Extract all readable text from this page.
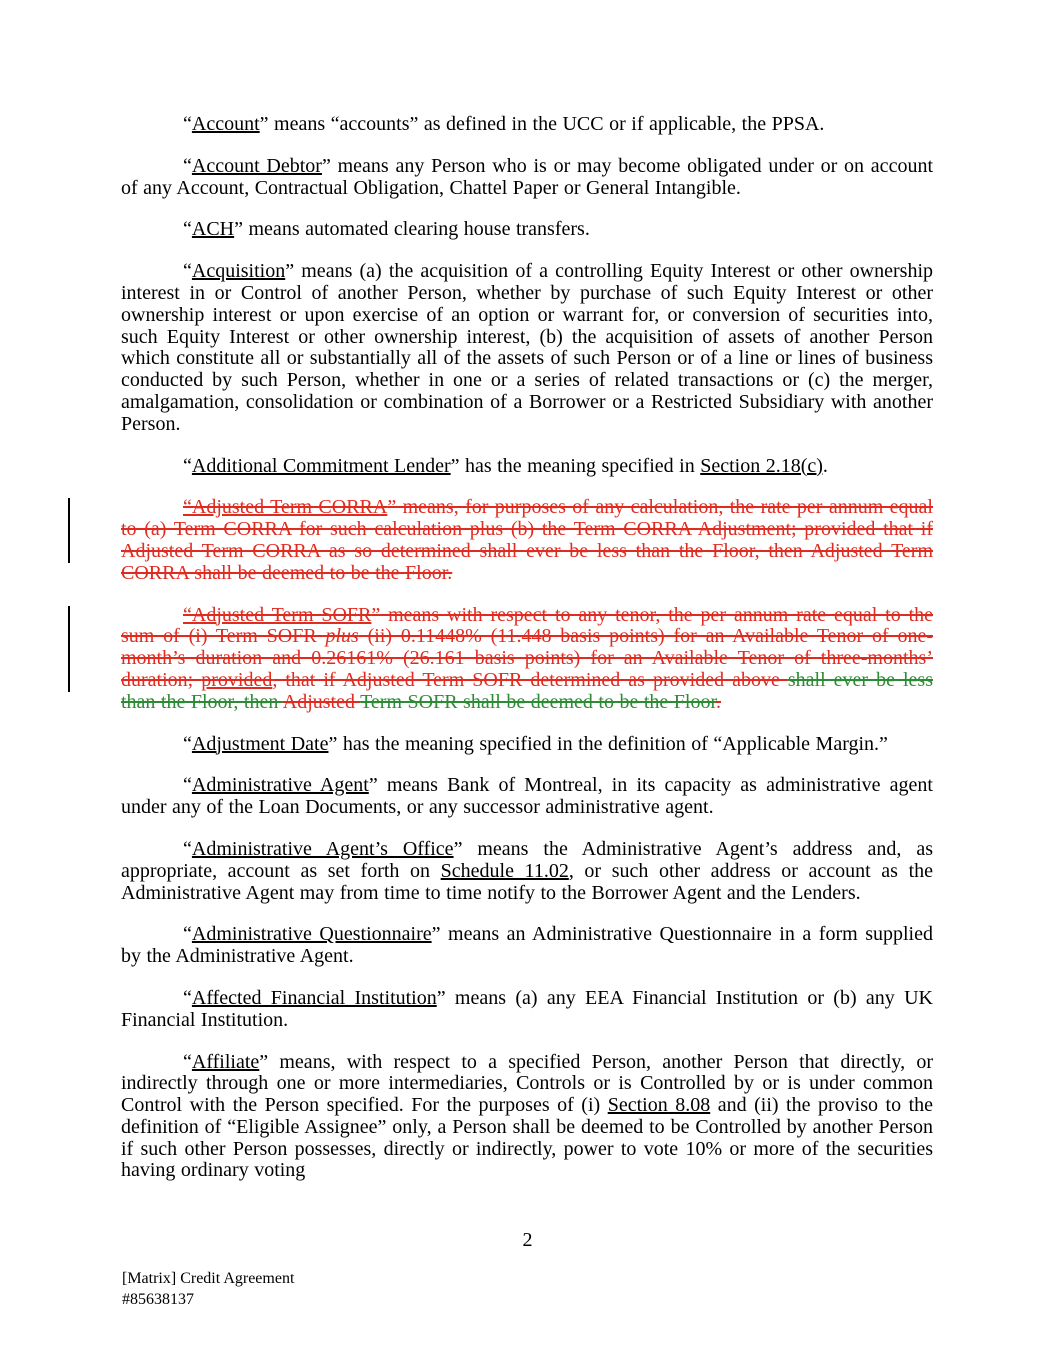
“Account” means “accounts” as defined in the UCC or if applicable, the PPSA.

“Account Debtor” means any Person who is or may become obligated under or on account of any Account, Contractual Obligation, Chattel Paper or General Intangible.

“ACH” means automated clearing house transfers.

“Acquisition” means (a) the acquisition of a controlling Equity Interest or other ownership interest in or Control of another Person, whether by purchase of such Equity Interest or other ownership interest or upon exercise of an option or warrant for, or conversion of securities into, such Equity Interest or other ownership interest, (b) the acquisition of assets of another Person which constitute all or substantially all of the assets of such Person or of a line or lines of business conducted by such Person, whether in one or a series of related transactions or (c) the merger, amalgamation, consolidation or combination of a Borrower or a Restricted Subsidiary with another Person.

“Additional Commitment Lender” has the meaning specified in Section 2.18(c).

“Adjusted Term CORRA” means, for purposes of any calculation, the rate per annum equal to (a) Term CORRA for such calculation plus (b) the Term CORRA Adjustment; provided that if Adjusted Term CORRA as so determined shall ever be less than the Floor, then Adjusted Term CORRA shall be deemed to be the Floor.

“Adjusted Term SOFR” means with respect to any tenor, the per annum rate equal to the sum of (i) Term SOFR plus (ii) 0.11448% (11.448 basis points) for an Available Tenor of one-month’s duration and 0.26161% (26.161 basis points) for an Available Tenor of three-months’ duration; provided, that if Adjusted Term SOFR determined as provided above shall ever be less than the Floor, then Adjusted Term SOFR shall be deemed to be the Floor.

“Adjustment Date” has the meaning specified in the definition of “Applicable Margin.”

“Administrative Agent” means Bank of Montreal, in its capacity as administrative agent under any of the Loan Documents, or any successor administrative agent.

“Administrative Agent’s Office” means the Administrative Agent’s address and, as appropriate, account as set forth on Schedule 11.02, or such other address or account as the Administrative Agent may from time to time notify to the Borrower Agent and the Lenders.

“Administrative Questionnaire” means an Administrative Questionnaire in a form supplied by the Administrative Agent.

“Affected Financial Institution” means (a) any EEA Financial Institution or (b) any UK Financial Institution.

“Affiliate” means, with respect to a specified Person, another Person that directly, or indirectly through one or more intermediaries, Controls or is Controlled by or is under common Control with the Person specified. For the purposes of (i) Section 8.08 and (ii) the proviso to the definition of “Eligible Assignee” only, a Person shall be deemed to be Controlled by another Person if such other Person possesses, directly or indirectly, power to vote 10% or more of the securities having ordinary voting

2
[Matrix] Credit Agreement
#85638137
